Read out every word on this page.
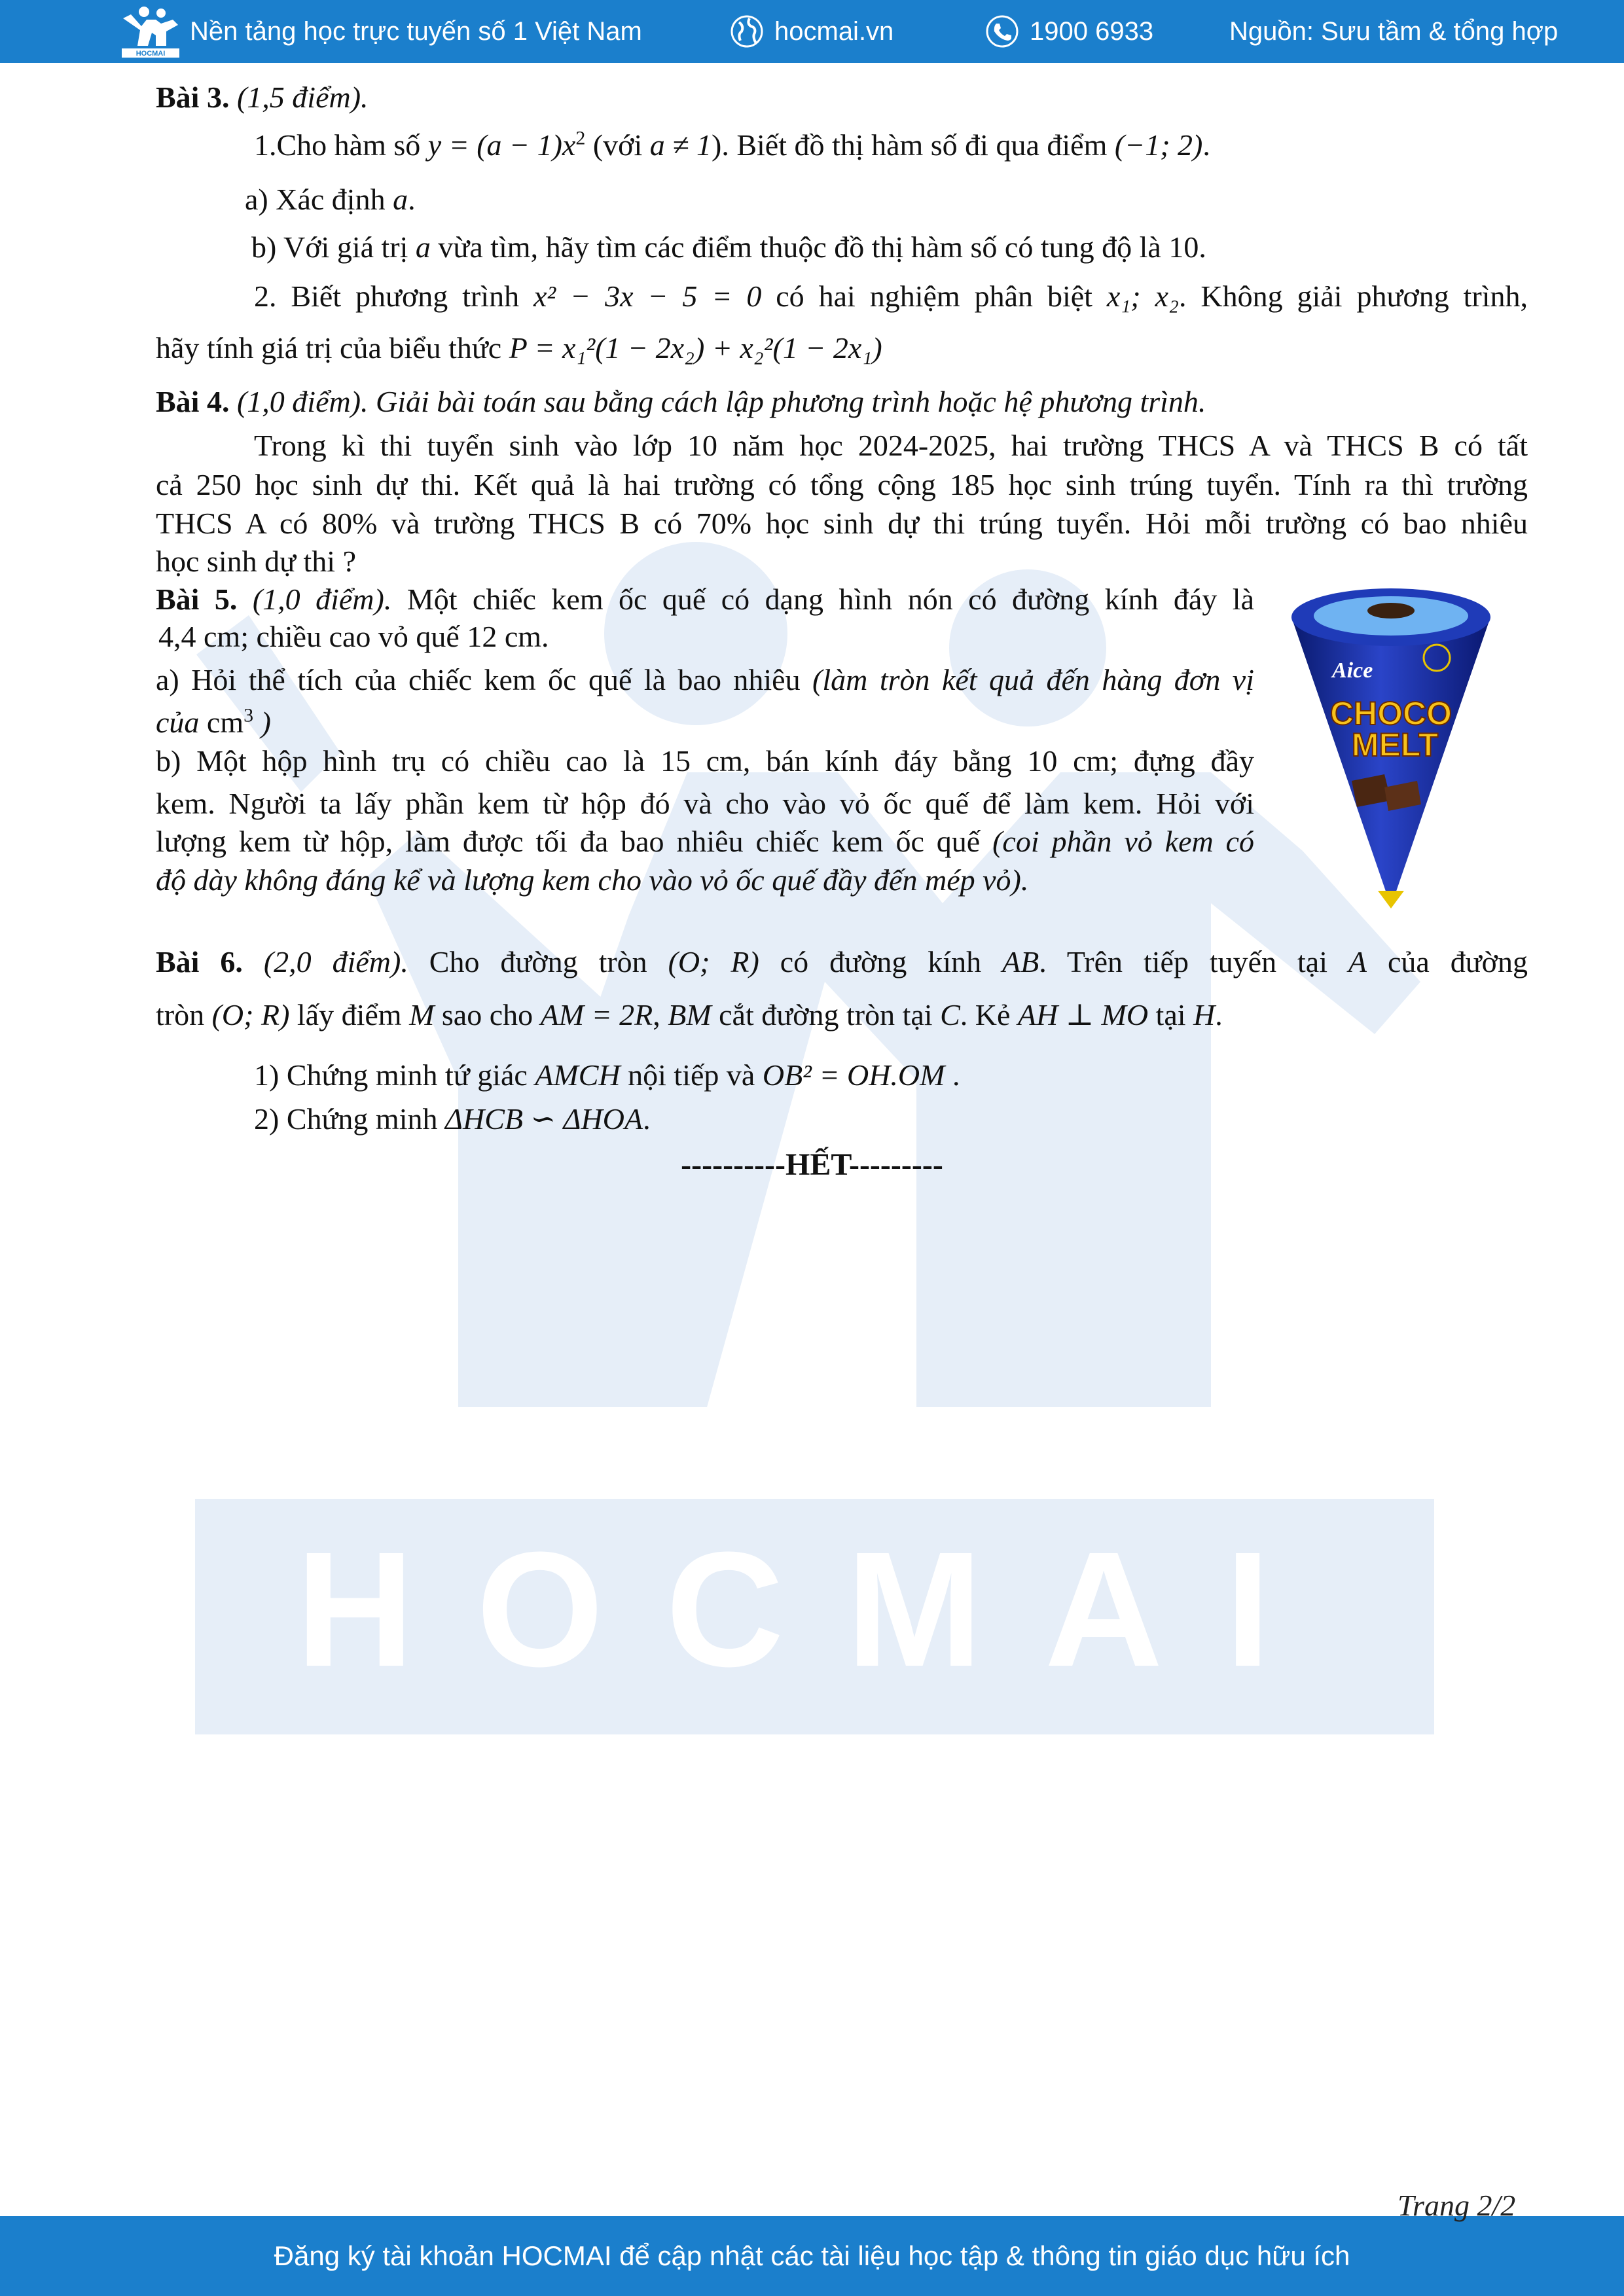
HOCMAI
HOCMAI
Nền tảng học trực tuyến số 1 Việt Nam	hocmai.vn	1900 6933	Nguồn: Sưu tầm & tổng hợp
Bài 3. (1,5 điểm).
1.Cho hàm số $y = (a - 1)x^2$ (với a ≠ 1). Biết đồ thị hàm số đi qua điểm (−1; 2).
a) Xác định a.
b) Với giá trị a vừa tìm, hãy tìm các điểm thuộc đồ thị hàm số có tung độ là 10.
2. Biết phương trình x² − 3x − 5 = 0 có hai nghiệm phân biệt x₁; x₂. Không giải phương trình,
hãy tính giá trị của biểu thức P = x₁²(1 − 2x₂) + x₂²(1 − 2x₁)
Bài 4. (1,0 điểm). Giải bài toán sau bằng cách lập phương trình hoặc hệ phương trình.
Trong kì thi tuyển sinh vào lớp 10 năm học 2024-2025, hai trường THCS A và THCS B có tất
cả 250 học sinh dự thi. Kết quả là hai trường có tổng cộng 185 học sinh trúng tuyển. Tính ra thì trường
THCS A có 80% và trường THCS B có 70% học sinh dự thi trúng tuyển. Hỏi mỗi trường có bao nhiêu
học sinh dự thi ?
Bài 5. (1,0 điểm). Một chiếc kem ốc quế có dạng hình nón có đường kính đáy là
4,4 cm; chiều cao vỏ quế 12 cm.
a) Hỏi thể tích của chiếc kem ốc quế là bao nhiêu (làm tròn kết quả đến hàng đơn vị
của $cm^3$ )
b) Một hộp hình trụ có chiều cao là 15 cm, bán kính đáy bằng 10 cm; đựng đầy
kem. Người ta lấy phần kem từ hộp đó và cho vào vỏ ốc quế để làm kem. Hỏi với
lượng kem từ hộp, làm được tối đa bao nhiêu chiếc kem ốc quế (coi phần vỏ kem có
độ dày không đáng kể và lượng kem cho vào vỏ ốc quế đầy đến mép vỏ).
Aice
CHOCO
MELT
Bài 6. (2,0 điểm). Cho đường tròn (O; R) có đường kính AB. Trên tiếp tuyến tại A của đường
tròn (O; R) lấy điểm M sao cho AM = 2R, BM cắt đường tròn tại C. Kẻ AH ⊥ MO tại H.
1) Chứng minh tứ giác AMCH nội tiếp và OB² = OH.OM .
2) Chứng minh ΔHCB ∽ ΔHOA.
----------HẾT---------
Trang 2/2
Đăng ký tài khoản HOCMAI để cập nhật các tài liệu học tập & thông tin giáo dục hữu ích
